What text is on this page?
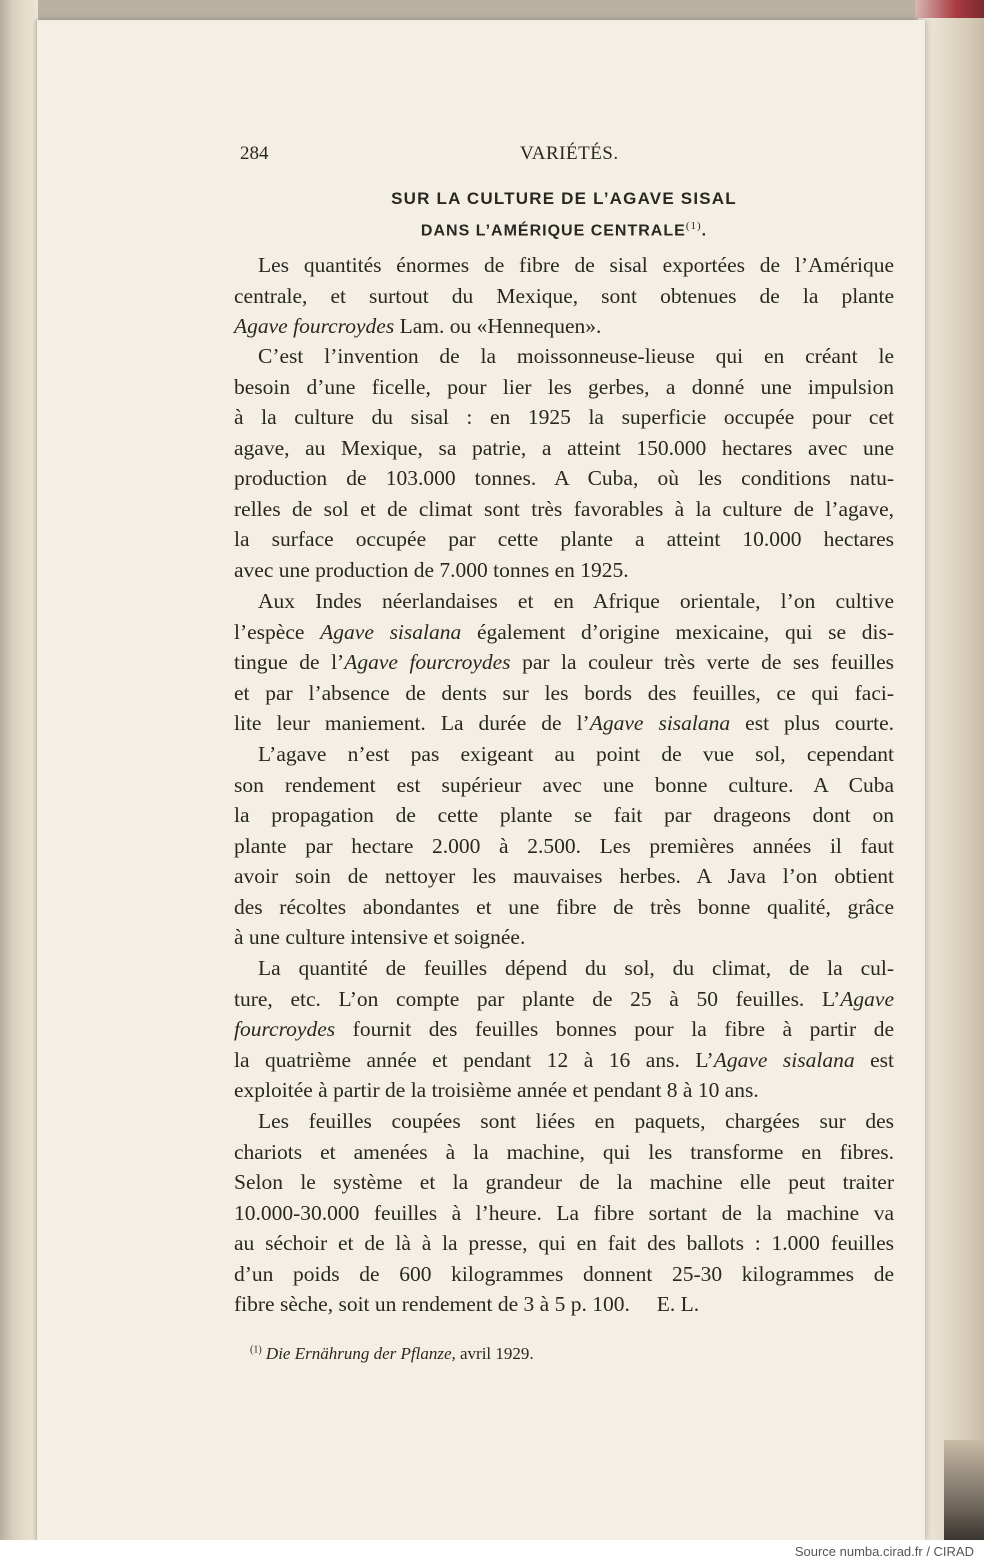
284	VARIÉTÉS.
SUR LA CULTURE DE L’AGAVE SISAL
DANS L’AMÉRIQUE CENTRALE$^{(1)}$.
Les quantités énormes de fibre de sisal exportées de l’Amérique
centrale, et surtout du Mexique, sont obtenues de la plante
Agave fourcroydes Lam. ou «Hennequen».
C’est l’invention de la moissonneuse-lieuse qui en créant le
besoin d’une ficelle, pour lier les gerbes, a donné une impulsion
à la culture du sisal : en 1925 la superficie occupée pour cet
agave, au Mexique, sa patrie, a atteint 150.000 hectares avec une
production de 103.000 tonnes. A Cuba, où les conditions natu-
relles de sol et de climat sont très favorables à la culture de l’agave,
la surface occupée par cette plante a atteint 10.000 hectares
avec une production de 7.000 tonnes en 1925.
Aux Indes néerlandaises et en Afrique orientale, l’on cultive
l’espèce Agave sisalana également d’origine mexicaine, qui se dis-
tingue de l’Agave fourcroydes par la couleur très verte de ses feuilles
et par l’absence de dents sur les bords des feuilles, ce qui faci-
lite leur maniement. La durée de l’Agave sisalana est plus courte.
L’agave n’est pas exigeant au point de vue sol, cependant
son rendement est supérieur avec une bonne culture. A Cuba
la propagation de cette plante se fait par drageons dont on
plante par hectare 2.000 à 2.500. Les premières années il faut
avoir soin de nettoyer les mauvaises herbes. A Java l’on obtient
des récoltes abondantes et une fibre de très bonne qualité, grâce
à une culture intensive et soignée.
La quantité de feuilles dépend du sol, du climat, de la cul-
ture, etc. L’on compte par plante de 25 à 50 feuilles. L’Agave
fourcroydes fournit des feuilles bonnes pour la fibre à partir de
la quatrième année et pendant 12 à 16 ans. L’Agave sisalana est
exploitée à partir de la troisième année et pendant 8 à 10 ans.
Les feuilles coupées sont liées en paquets, chargées sur des
chariots et amenées à la machine, qui les transforme en fibres.
Selon le système et la grandeur de la machine elle peut traiter
10.000-30.000 feuilles à l’heure. La fibre sortant de la machine va
au séchoir et de là à la presse, qui en fait des ballots : 1.000 feuilles
d’un poids de 600 kilogrammes donnent 25-30 kilogrammes de
fibre sèche, soit un rendement de 3 à 5 p. 100.     E. L.
$^{(1)}$ Die Ernährung der Pflanze, avril 1929.
Source numba.cirad.fr / CIRAD
